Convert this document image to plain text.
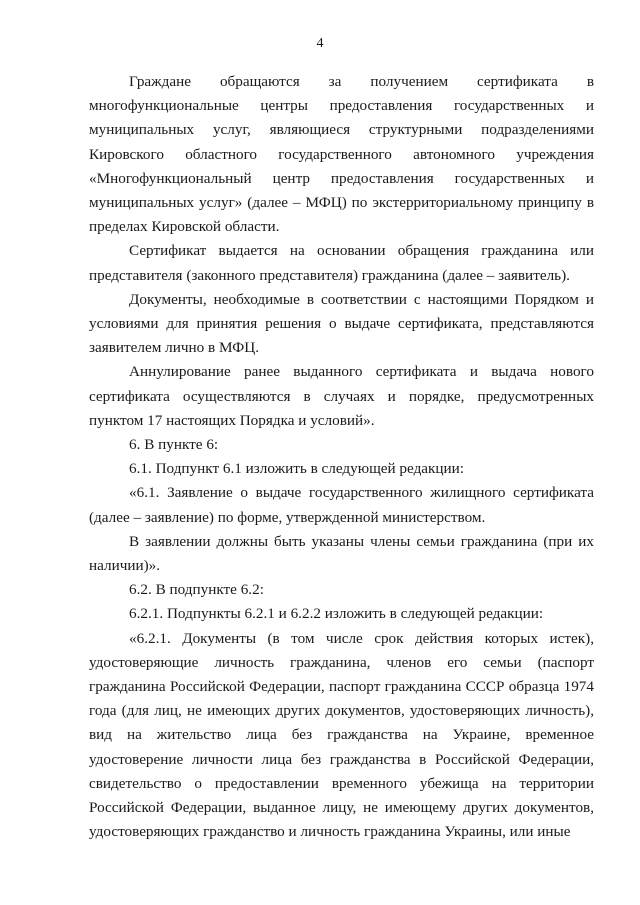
4

Граждане обращаются за получением сертификата в многофункциональные центры предоставления государственных и муниципальных услуг, являющиеся структурными подразделениями Кировского областного государственного автономного учреждения «Многофункциональный центр предоставления государственных и муниципальных услуг» (далее – МФЦ) по экстерриториальному принципу в пределах Кировской области.

Сертификат выдается на основании обращения гражданина или представителя (законного представителя) гражданина (далее – заявитель).

Документы, необходимые в соответствии с настоящими Порядком и условиями для принятия решения о выдаче сертификата, представляются заявителем лично в МФЦ.

Аннулирование ранее выданного сертификата и выдача нового сертификата осуществляются в случаях и порядке, предусмотренных пунктом 17 настоящих Порядка и условий».

6. В пункте 6:

6.1. Подпункт 6.1 изложить в следующей редакции:

«6.1. Заявление о выдаче государственного жилищного сертификата (далее – заявление) по форме, утвержденной министерством.

В заявлении должны быть указаны члены семьи гражданина (при их наличии)».

6.2. В подпункте 6.2:

6.2.1. Подпункты 6.2.1 и 6.2.2 изложить в следующей редакции:

«6.2.1. Документы (в том числе срок действия которых истек), удостоверяющие личность гражданина, членов его семьи (паспорт гражданина Российской Федерации, паспорт гражданина СССР образца 1974 года (для лиц, не имеющих других документов, удостоверяющих личность), вид на жительство лица без гражданства на Украине, временное удостоверение личности лица без гражданства в Российской Федерации, свидетельство о предоставлении временного убежища на территории Российской Федерации, выданное лицу, не имеющему других документов, удостоверяющих гражданство и личность гражданина Украины, или иные
